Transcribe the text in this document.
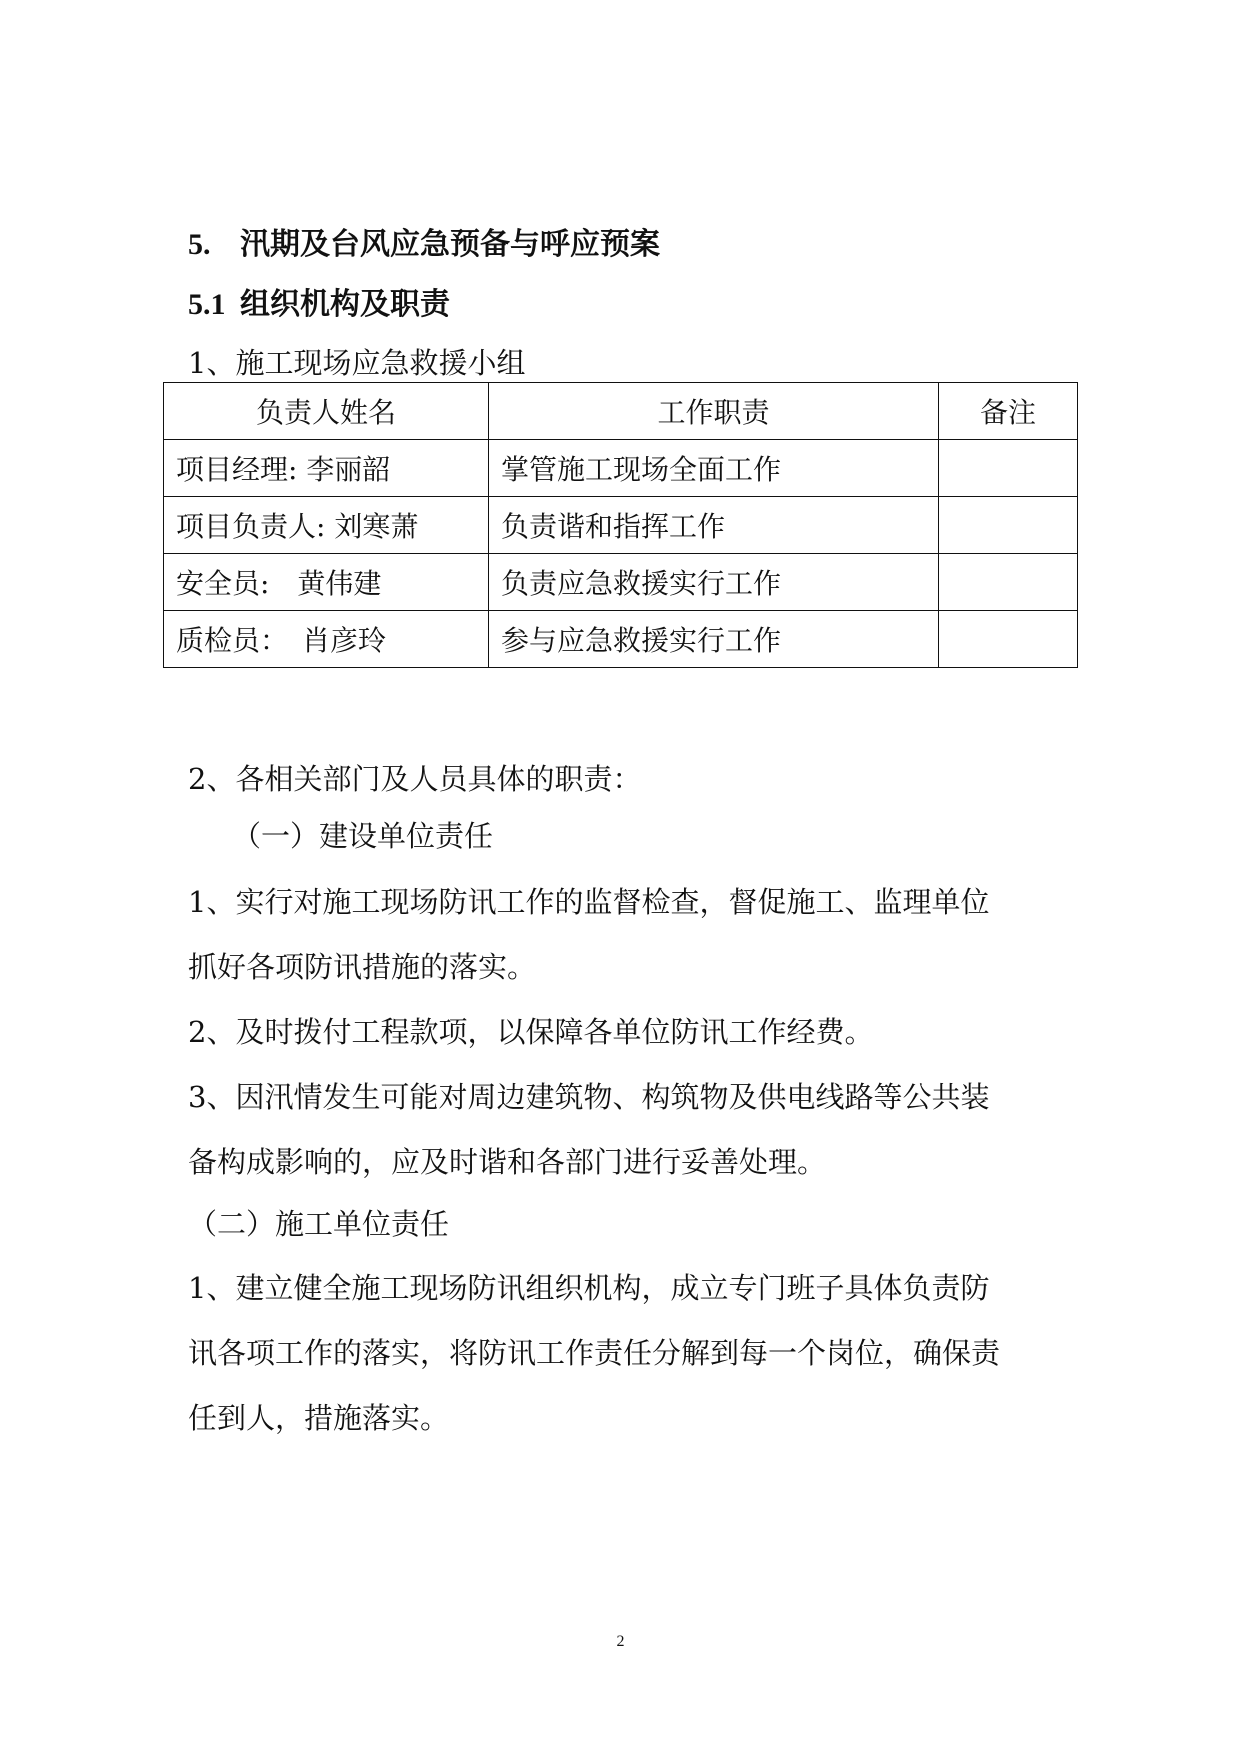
5. 汛期及台风应急预备与呼应预案
5.1 组织机构及职责
1、施工现场应急救援小组
负责人姓名	工作职责	备注
项目经理: 李丽韶	掌管施工现场全面工作	
项目负责人: 刘寒萧	负责谐和指挥工作	
安全员:　黄伟建	负责应急救援实行工作	
质检员：　肖彦玲	参与应急救援实行工作	
2、各相关部门及人员具体的职责：
（一）建设单位责任
1、实行对施工现场防讯工作的监督检查，督促施工、监理单位
抓好各项防讯措施的落实。
2、及时拨付工程款项，以保障各单位防讯工作经费。
3、因汛情发生可能对周边建筑物、构筑物及供电线路等公共装
备构成影响的，应及时谐和各部门进行妥善处理。
（二）施工单位责任
1、建立健全施工现场防讯组织机构，成立专门班子具体负责防
讯各项工作的落实，将防讯工作责任分解到每一个岗位，确保责
任到人，措施落实。
2
